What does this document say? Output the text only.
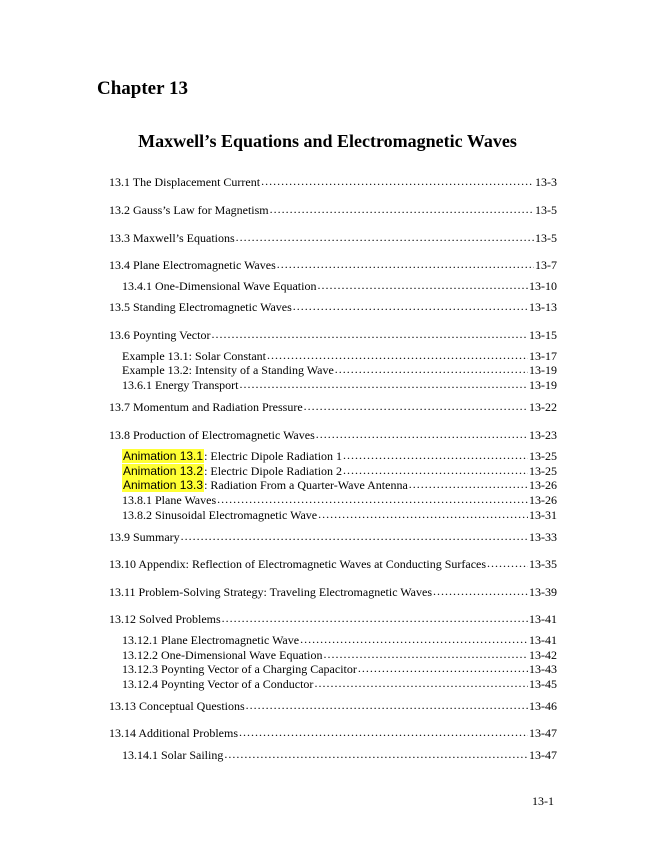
Chapter 13
Maxwell’s Equations and Electromagnetic Waves
13.1 The Displacement Current .....	13-3
13.2 Gauss’s Law for Magnetism .....	13-5
13.3 Maxwell’s Equations .....	13-5
13.4 Plane Electromagnetic Waves .....	13-7
13.4.1 One-Dimensional Wave Equation .....	13-10
13.5 Standing Electromagnetic Waves .....	13-13
13.6 Poynting Vector .....	13-15
Example 13.1: Solar Constant .....	13-17
Example 13.2: Intensity of a Standing Wave .....	13-19
13.6.1 Energy Transport .....	13-19
13.7 Momentum and Radiation Pressure .....	13-22
13.8 Production of Electromagnetic Waves .....	13-23
Animation 13.1: Electric Dipole Radiation 1 .....	13-25
Animation 13.2: Electric Dipole Radiation 2 .....	13-25
Animation 13.3: Radiation From a Quarter-Wave Antenna .....	13-26
13.8.1 Plane Waves .....	13-26
13.8.2 Sinusoidal Electromagnetic Wave .....	13-31
13.9 Summary .....	13-33
13.10 Appendix: Reflection of Electromagnetic Waves at Conducting Surfaces .....	13-35
13.11 Problem-Solving Strategy: Traveling Electromagnetic Waves .....	13-39
13.12 Solved Problems .....	13-41
13.12.1 Plane Electromagnetic Wave .....	13-41
13.12.2 One-Dimensional Wave Equation .....	13-42
13.12.3 Poynting Vector of a Charging Capacitor .....	13-43
13.12.4 Poynting Vector of a Conductor .....	13-45
13.13 Conceptual Questions .....	13-46
13.14 Additional Problems .....	13-47
13.14.1 Solar Sailing .....	13-47
13-1
